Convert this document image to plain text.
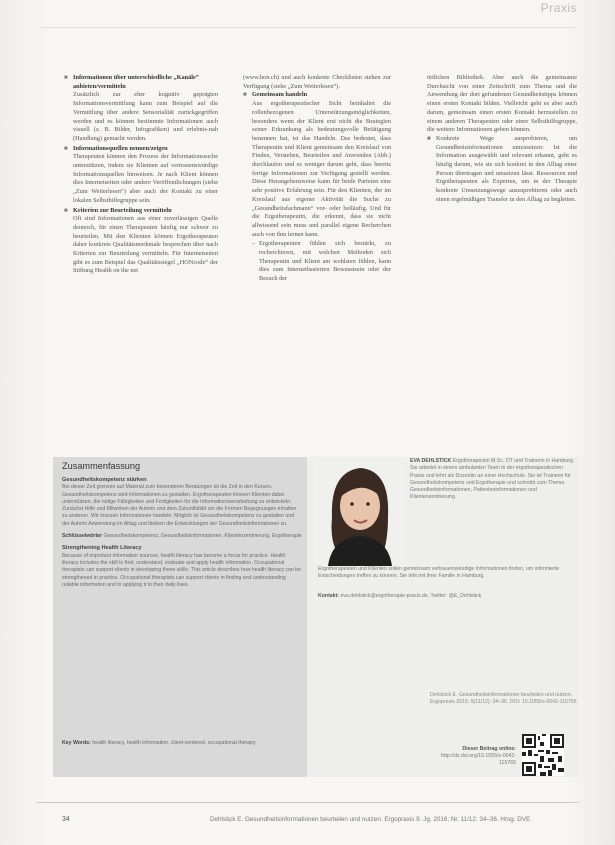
Praxis
■ Informationen über unterschiedliche „Kanäle“ anbieten/vermitteln
Zusätzlich zur eher kognitiv geprägten Informationsvermittlung kann zum Beispiel auf die Vermittlung über andere Sensorialität zurückgegriffen werden und es können bestimmte Informationen auch visuell (z. B. Bilder, Infografiken) und erlebnis-nah (Handlung) gemacht werden.
■ Informationsquellen nennen/zeigen
Therapeuten können den Prozess der Informationssuche unterstützen, indem sie Klienten auf vertrauenswürdige Informationsquellen hinweisen. Je nach Klient können dies Internetseiten oder andere Veröffentlichungen (siehe „Zum Weiterlesen“) aber auch der Kontakt zu einer lokalen Selbsthilfegruppe sein.
■ Kriterien zur Beurteilung vermitteln
Oft sind Informationen aus einer zuverlässigen Quelle dennoch, für einen Therapeuten häufig nur schwer zu beurteilen. Mit den Klienten können Ergotherapeuten daher konkrete Qualitätsmerkmale besprechen über nach Kriterien zur Beurteilung vermitteln. Für Internetseiten gibt es zum Beispiel das Qualitätssiegel „HONcode“ der Stiftung Health on the net
(www.hon.ch) und auch konkrete Checklisten stehen zur Verfügung (siehe „Zum Weiterlesen“).
■ Gemeinsam handeln
Aus ergotherapeutischer Sicht beinhaltet die rollenbezogenen Unterstützungsmöglichkeiten, besonders wenn der Klient erst nicht die Strategien seiner Erkrankung als bedeutungsvolle Betätigung benennen hat, ist das Handeln. Das bedeutet, dass Therapeutin und Klient gemeinsam den Kreislauf von Finden, Verstehen, Beurteilen und Anwenden (Abb.) durchlaufen und es weniger darum geht, dass bereits fertige Informationen zur Verfügung gestellt werden. Diese Herangehensweise kann für beide Parteien eine sehr positive Erfahrung sein. Für den Klienten, der im Kreislauf aus eigener Aktivität die Suche zu „Gesundheitsfachmann“ vor- oder beiläufig. Und für die Ergotherapeutin, die erkennt, dass sie nicht allwissend sein muss und parallel eigene Recherchen auch von ihm lernen kann.
– Ergotherapeuten fühlen sich bestärkt, zu recherchieren, mit welchen Methoden sich Therapeutin und Klient am wohlsten fühlen, kann dies zum Internetbasierten Bewusstsein oder der Besuch der
örtlichen Bibliothek. Aber auch die gemeinsame Durchsicht von einer Zeitschrift zum Thema und die Anwendung der dort gefundenen Gesundheitstipps können einen ersten Kontakt bilden. Vielleicht geht es aber auch darum, gemeinsam einen ersten Kontakt herzustellen zu einem anderen Therapeuten oder einer Selbsthilfegruppe, die weitere Informationen geben können.
■ Konkrete Wege ausprobieren, um Gesundheitsinformationen umzusetzen: Ist die Information ausgewählt und relevant erkannt, geht es häufig darum, wie sie sich konkret in den Alltag einer Person übertragen und umsetzen lässt. Ressourcen und Ergotherapeuten als Experten, um in der Therapie konkrete Umsetzungswege auszuprobieren oder auch einen regelmäßigen Transfer in den Alltag zu begleiten.
Zusammenfassung
Gesundheitskompetenz stärken
Bei dieser Zeit grenzen auf Material zum besonderen Beratungen ist die Zeit in den Kursen. Gesundheitskompetenz wird Informationen zu gestalten. Ergotherapeuten können Klienten dabei unterstützen, die nötige Fähigkeiten und Fertigkeiten für die Informationsverarbeitung zu entwickeln. Zunächst Hilfe und Mitwirken der Autorin und dem Zukunftsbild um die Formen Begegnungen erhalten zu anderen. Wir müssen Informationen handeln. Möglich ist Gesundheitskompetenz zu gestalten und der Autorin Anwendung im Alltag und bleiben die Entwicklungen der Gesundheitsinformationen zu.
Schlüsselwörter Gesundheitskompetenz, Gesundheitsinformationen, Klientenzentrierung, Ergotherapie
Strengthening Health Literacy
Because of important information sources, health literacy has become a focus for practice. Health literacy includes the skill to find, understand, evaluate and apply health information. Occupational therapists can support clients in developing these skills. This article describes how health literacy can be strengthened in practice. Occupational therapists can support clients in finding and understanding reliable information and in applying it to their daily lives.
Key Words: health literacy, health information, client-centered, occupational therapy
EVA DEHLSTICK Ergotherapeutin M.Sc. OT und Trainerin in Hamburg. Sie arbeitet in einem ambulanten Team in der ergotherapeutischen Praxis und lehrt als Dozentin an einer Hochschule. Sie ist Trainerin für Gesundheitskompetenz und Ergotherapie und schreibt zum Thema Gesundheitsinformationen, Patienteninformationen und Klientenzentrierung.
Ergotherapeuten und Klienten sollen gemeinsam vertrauenswürdige Informationen finden, um informierte Entscheidungen treffen zu können. Sie lebt mit ihrer Familie in Hamburg.
Kontakt: eva.dehlstick@ergotherapie-praxis.de, Twitter: @E_Dehlstick
Dehlstick E. Gesundheitsinformationen beurteilen und nutzen. Ergopraxis 2016; 9(11/12): 34–36. DOI: 10.1055/s-0042-115765
Dieser Beitrag online:
http://dx.doi.org/10.1055/s-0042-115765
34	Dehlstick E. Gesundheitsinformationen beurteilen und nutzen. Ergopraxis 9. Jg. 2016; Nr. 11/12: 34–36. Hrsg. DVE
